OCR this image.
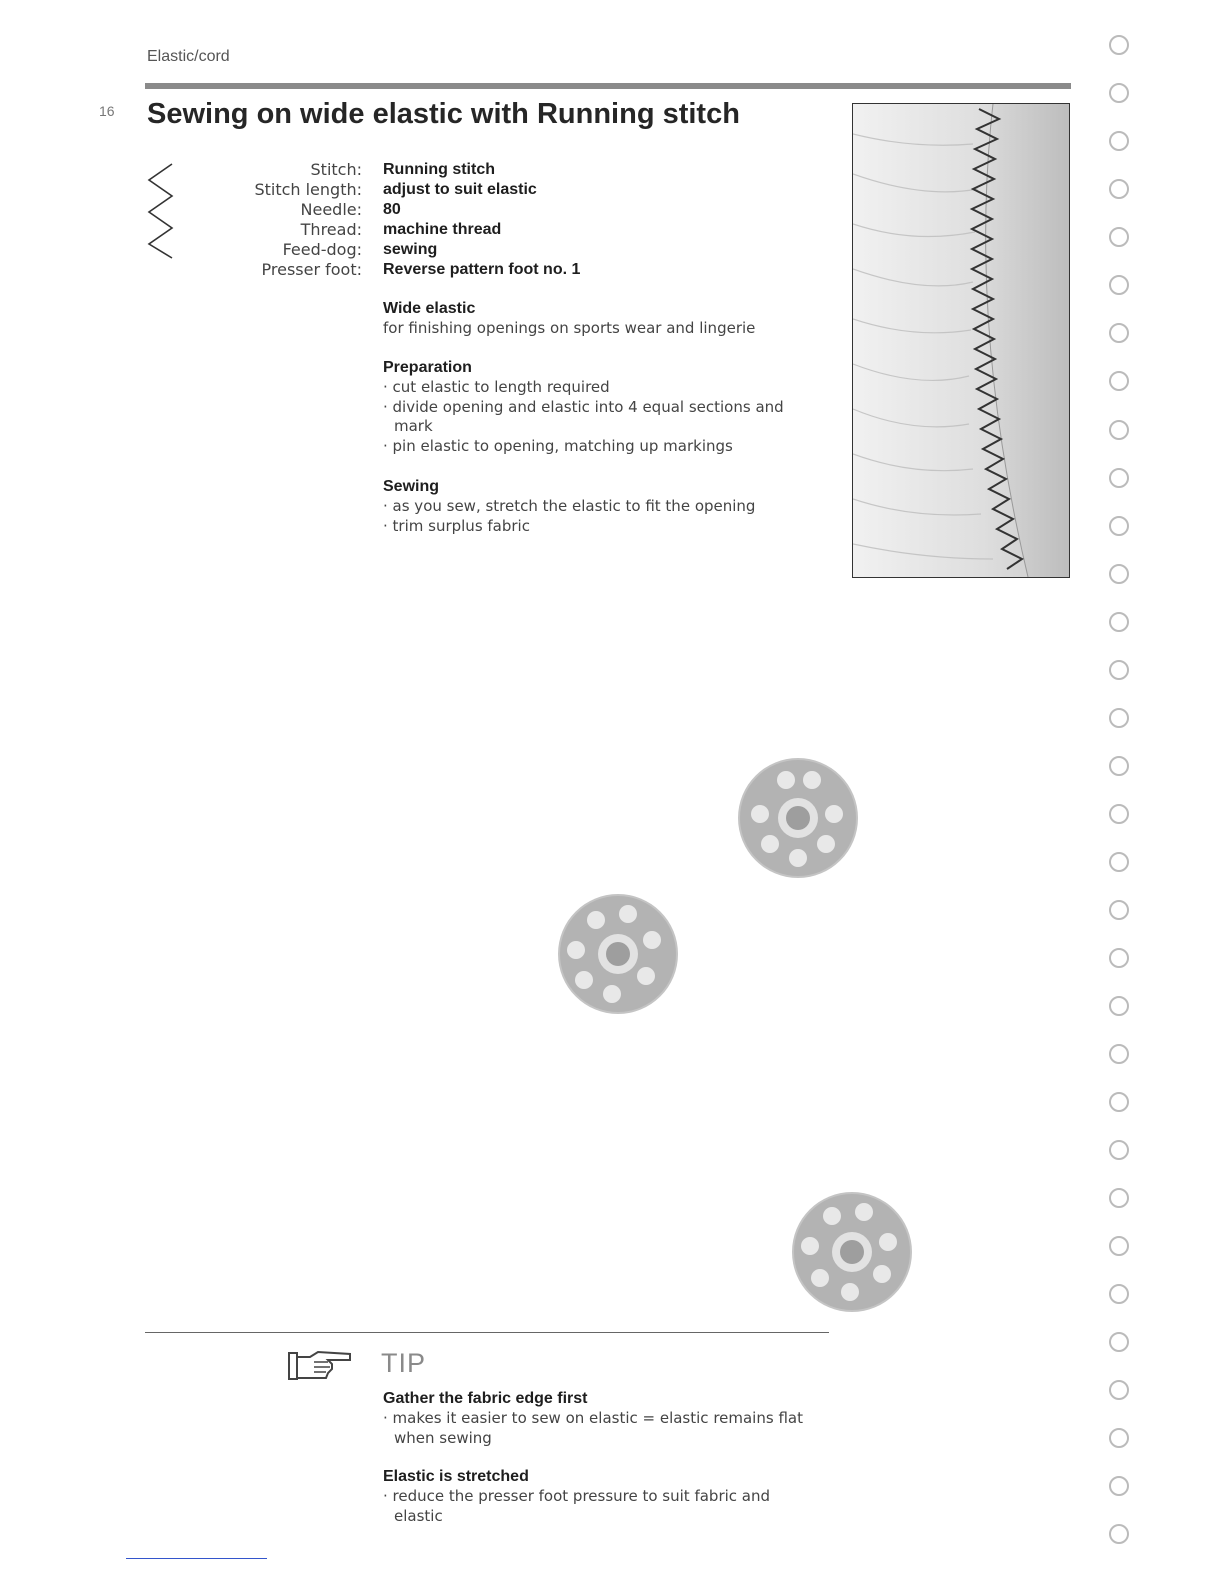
Elastic/cord
16 Sewing on wide elastic with Running stitch
Stitch:
Stitch length:
Needle:
Thread:
Feed-dog:
Presser foot:
Running stitch
adjust to suit elastic
80
machine thread
sewing
Reverse pattern foot no. 1
Wide elastic

for finishing openings on sports wear and lingerie

Preparation

· cut elastic to length required

· divide opening and elastic into 4 equal sections and mark

· pin elastic to opening, matching up markings

Sewing

· as you sew, stretch the elastic to fit the opening

· trim surplus fabric

TIP
Gather the fabric edge first

· makes it easier to sew on elastic = elastic remains flat when sewing

Elastic is stretched

· reduce the presser foot pressure to suit fabric and elastic
